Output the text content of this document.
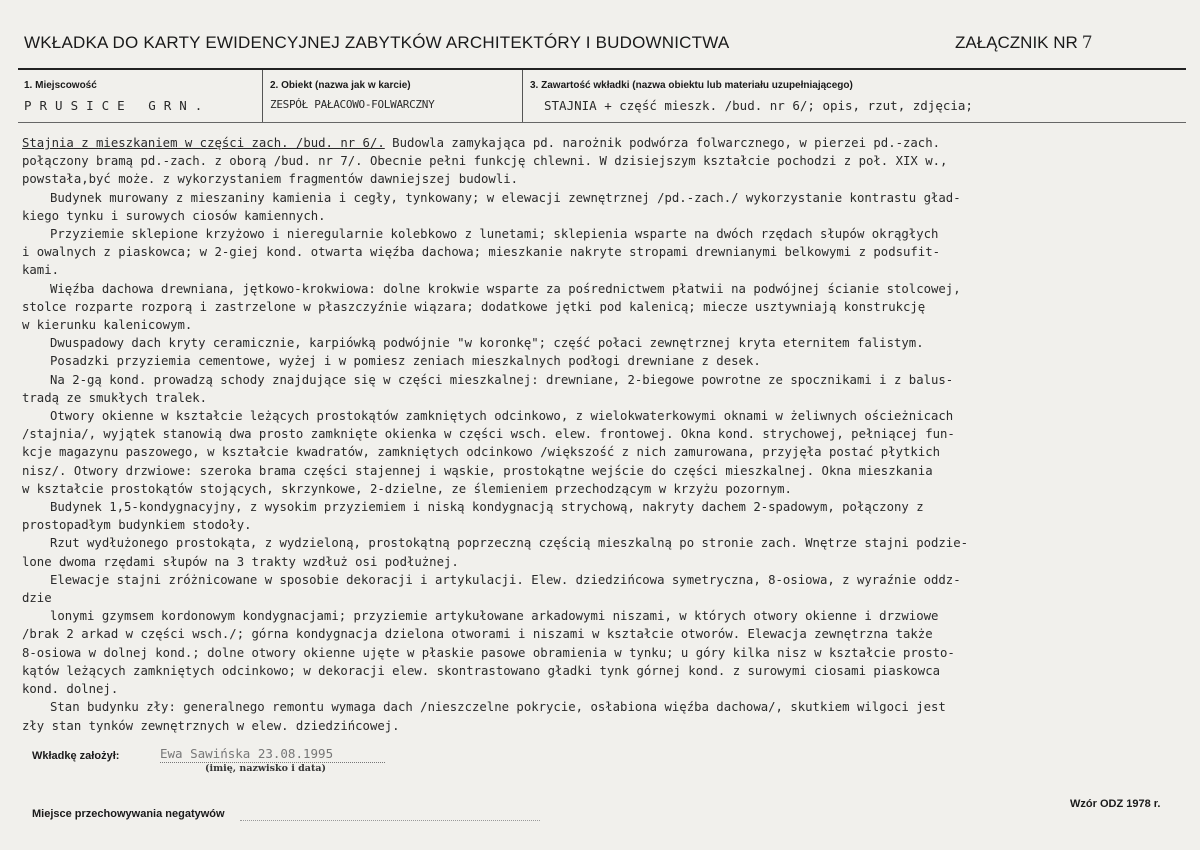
WKŁADKA DO KARTY EWIDENCYJNEJ ZABYTKÓW ARCHITEKTÓRY I BUDOWNICTWA	ZAŁĄCZNIK NR 7
1. Miejscowość
PRUSICE GRN.
2. Obiekt (nazwa jak w karcie)
ZESPÓŁ PAŁACOWO-FOLWARCZNY
3. Zawartość wkładki (nazwa obiektu lub materiału uzupełniającego)
STAJNIA + część mieszk. /bud. nr 6/; opis, rzut, zdjęcia;

Stajnia z mieszkaniem w części zach. /bud. nr 6/. Budowla zamykająca pd. narożnik podwórza folwarcznego, w pierzei pd.-zach.

połączony bramą pd.-zach. z oborą /bud. nr 7/. Obecnie pełni funkcję chlewni. W dzisiejszym kształcie pochodzi z poł. XIX w.,

powstała,być może. z wykorzystaniem fragmentów dawniejszej budowli.

Budynek murowany z mieszaniny kamienia i cegły, tynkowany; w elewacji zewnętrznej /pd.-zach./ wykorzystanie kontrastu gład-

kiego tynku i surowych ciosów kamiennych.

Przyziemie sklepione krzyżowo i nieregularnie kolebkowo z lunetami; sklepienia wsparte na dwóch rzędach słupów okrągłych

i owalnych z piaskowca; w 2-giej kond. otwarta więźba dachowa; mieszkanie nakryte stropami drewnianymi belkowymi z podsufit-

kami.

Więźba dachowa drewniana, jętkowo-krokwiowa: dolne krokwie wsparte za pośrednictwem płatwii na podwójnej ścianie stolcowej,

stolce rozparte rozporą i zastrzelone w płaszczyźnie wiązara; dodatkowe jętki pod kalenicą; miecze usztywniają konstrukcję

w kierunku kalenicowym.

Dwuspadowy dach kryty ceramicznie, karpiówką podwójnie "w koronkę"; część połaci zewnętrznej kryta eternitem falistym.

Posadzki przyziemia cementowe, wyżej i w pomiesz zeniach mieszkalnych podłogi drewniane z desek.

Na 2-gą kond. prowadzą schody znajdujące się w części mieszkalnej: drewniane, 2-biegowe powrotne ze spocznikami i z balus-

tradą ze smukłych tralek.

Otwory okienne w kształcie leżących prostokątów zamkniętych odcinkowo, z wielokwaterkowymi oknami w żeliwnych ościeżnicach

/stajnia/, wyjątek stanowią dwa prosto zamknięte okienka w części wsch. elew. frontowej. Okna kond. strychowej, pełniącej fun-

kcje magazynu paszowego, w kształcie kwadratów, zamkniętych odcinkowo /większość z nich zamurowana, przyjęła postać płytkich

nisz/. Otwory drzwiowe: szeroka brama części stajennej i wąskie, prostokątne wejście do części mieszkalnej. Okna mieszkania

w kształcie prostokątów stojących, skrzynkowe, 2-dzielne, ze ślemieniem przechodzącym w krzyżu pozornym.

Budynek 1,5-kondygnacyjny, z wysokim przyziemiem i niską kondygnacją strychową, nakryty dachem 2-spadowym, połączony z

prostopadłym budynkiem stodoły.

Rzut wydłużonego prostokąta, z wydzieloną, prostokątną poprzeczną częścią mieszkalną po stronie zach. Wnętrze stajni podzie-

lone dwoma rzędami słupów na 3 trakty wzdłuż osi podłużnej.

Elewacje stajni zróżnicowane w sposobie dekoracji i artykulacji. Elew. dziedzińcowa symetryczna, 8-osiowa, z wyraźnie oddz-

dzie

lonymi gzymsem kordonowym kondygnacjami; przyziemie artykułowane arkadowymi niszami, w których otwory okienne i drzwiowe

/brak 2 arkad w części wsch./; górna kondygnacja dzielona otworami i niszami w kształcie otworów. Elewacja zewnętrzna także

8-osiowa w dolnej kond.; dolne otwory okienne ujęte w płaskie pasowe obramienia w tynku; u góry kilka nisz w kształcie prosto-

kątów leżących zamkniętych odcinkowo; w dekoracji elew. skontrastowano gładki tynk górnej kond. z surowymi ciosami piaskowca

kond. dolnej.

Stan budynku zły: generalnego remontu wymaga dach /nieszczelne pokrycie, osłabiona więźba dachowa/, skutkiem wilgoci jest

zły stan tynków zewnętrznych w elew. dziedzińcowej.

Wkładkę założył:	Ewa Sawińska 23.08.1995
(imię, nazwisko i data)
Miejsce przechowywania negatywów
Wzór ODZ 1978 r.
